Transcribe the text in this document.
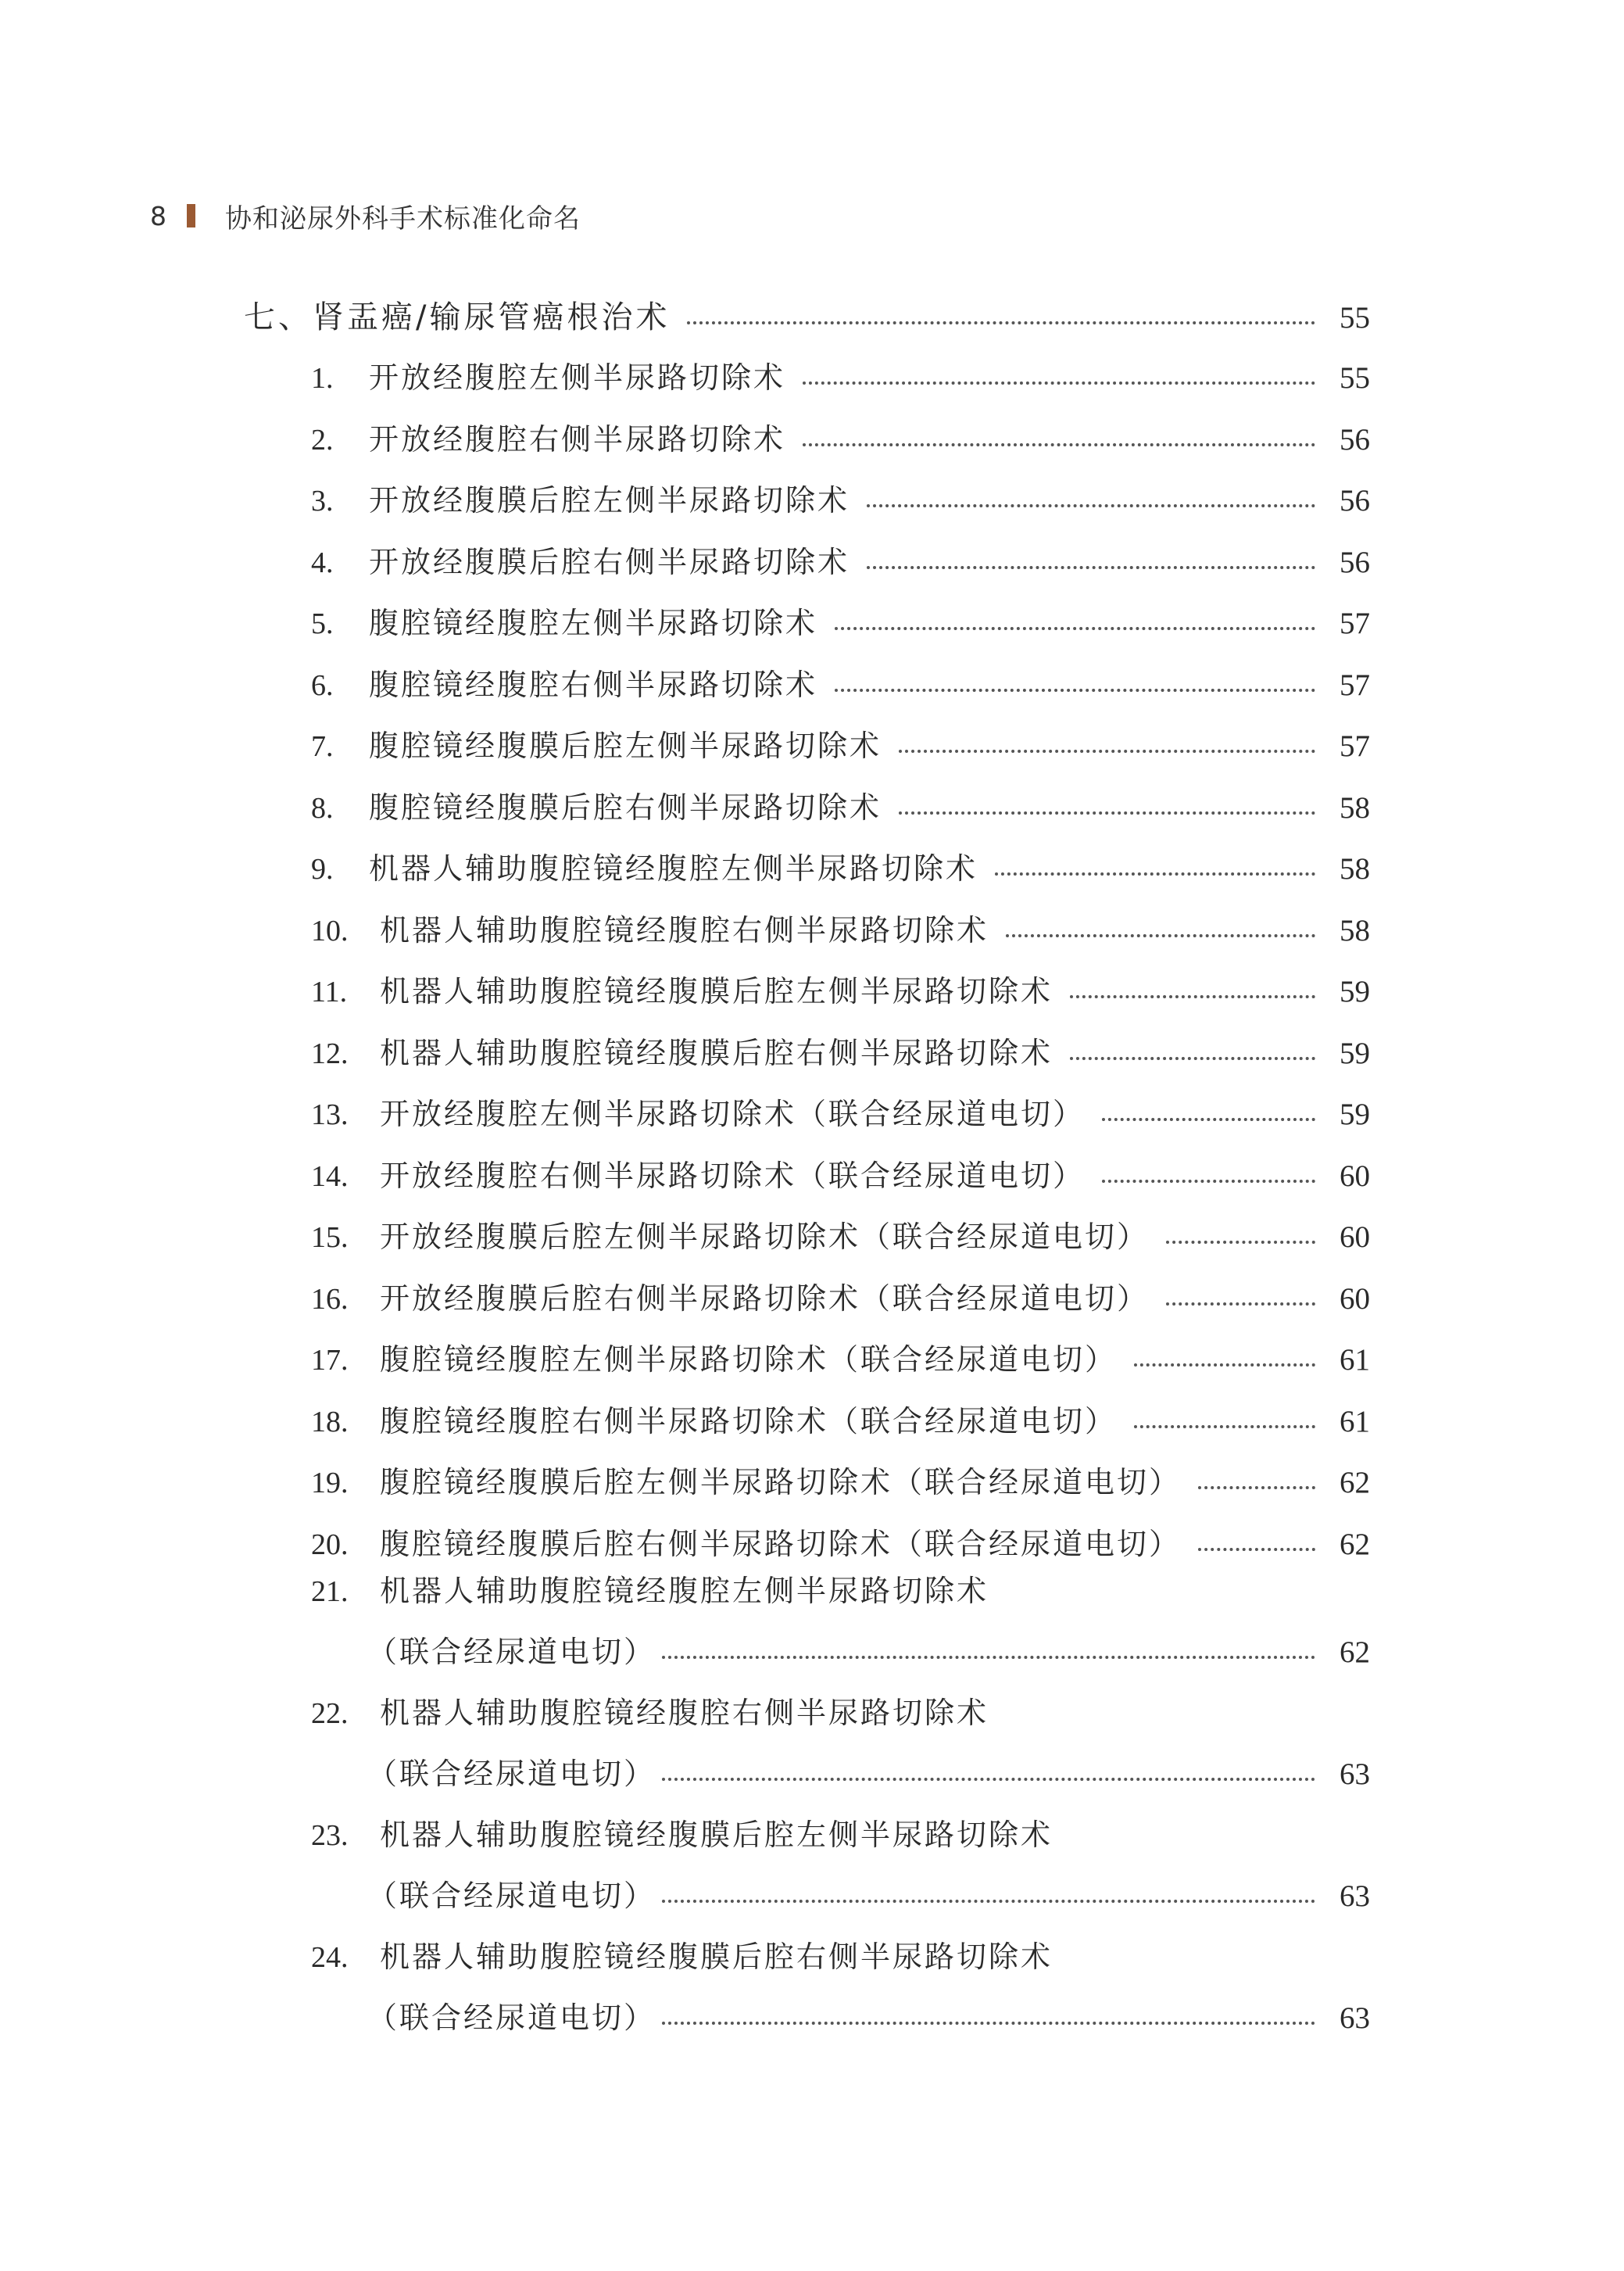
8 协和泌尿外科手术标准化命名
七、肾盂癌/输尿管癌根治术	55
1.	开放经腹腔左侧半尿路切除术	55
2.	开放经腹腔右侧半尿路切除术	56
3.	开放经腹膜后腔左侧半尿路切除术	56
4.	开放经腹膜后腔右侧半尿路切除术	56
5.	腹腔镜经腹腔左侧半尿路切除术	57
6.	腹腔镜经腹腔右侧半尿路切除术	57
7.	腹腔镜经腹膜后腔左侧半尿路切除术	57
8.	腹腔镜经腹膜后腔右侧半尿路切除术	58
9.	机器人辅助腹腔镜经腹腔左侧半尿路切除术	58
10.	机器人辅助腹腔镜经腹腔右侧半尿路切除术	58
11.	机器人辅助腹腔镜经腹膜后腔左侧半尿路切除术	59
12.	机器人辅助腹腔镜经腹膜后腔右侧半尿路切除术	59
13.	开放经腹腔左侧半尿路切除术（联合经尿道电切）	59
14.	开放经腹腔右侧半尿路切除术（联合经尿道电切）	60
15.	开放经腹膜后腔左侧半尿路切除术（联合经尿道电切）	60
16.	开放经腹膜后腔右侧半尿路切除术（联合经尿道电切）	60
17.	腹腔镜经腹腔左侧半尿路切除术（联合经尿道电切）	61
18.	腹腔镜经腹腔右侧半尿路切除术（联合经尿道电切）	61
19.	腹腔镜经腹膜后腔左侧半尿路切除术（联合经尿道电切）	62
20.	腹腔镜经腹膜后腔右侧半尿路切除术（联合经尿道电切）	62
21.	机器人辅助腹腔镜经腹腔左侧半尿路切除术
（联合经尿道电切）	62
22.	机器人辅助腹腔镜经腹腔右侧半尿路切除术
（联合经尿道电切）	63
23.	机器人辅助腹腔镜经腹膜后腔左侧半尿路切除术
（联合经尿道电切）	63
24.	机器人辅助腹腔镜经腹膜后腔右侧半尿路切除术
（联合经尿道电切）	63
